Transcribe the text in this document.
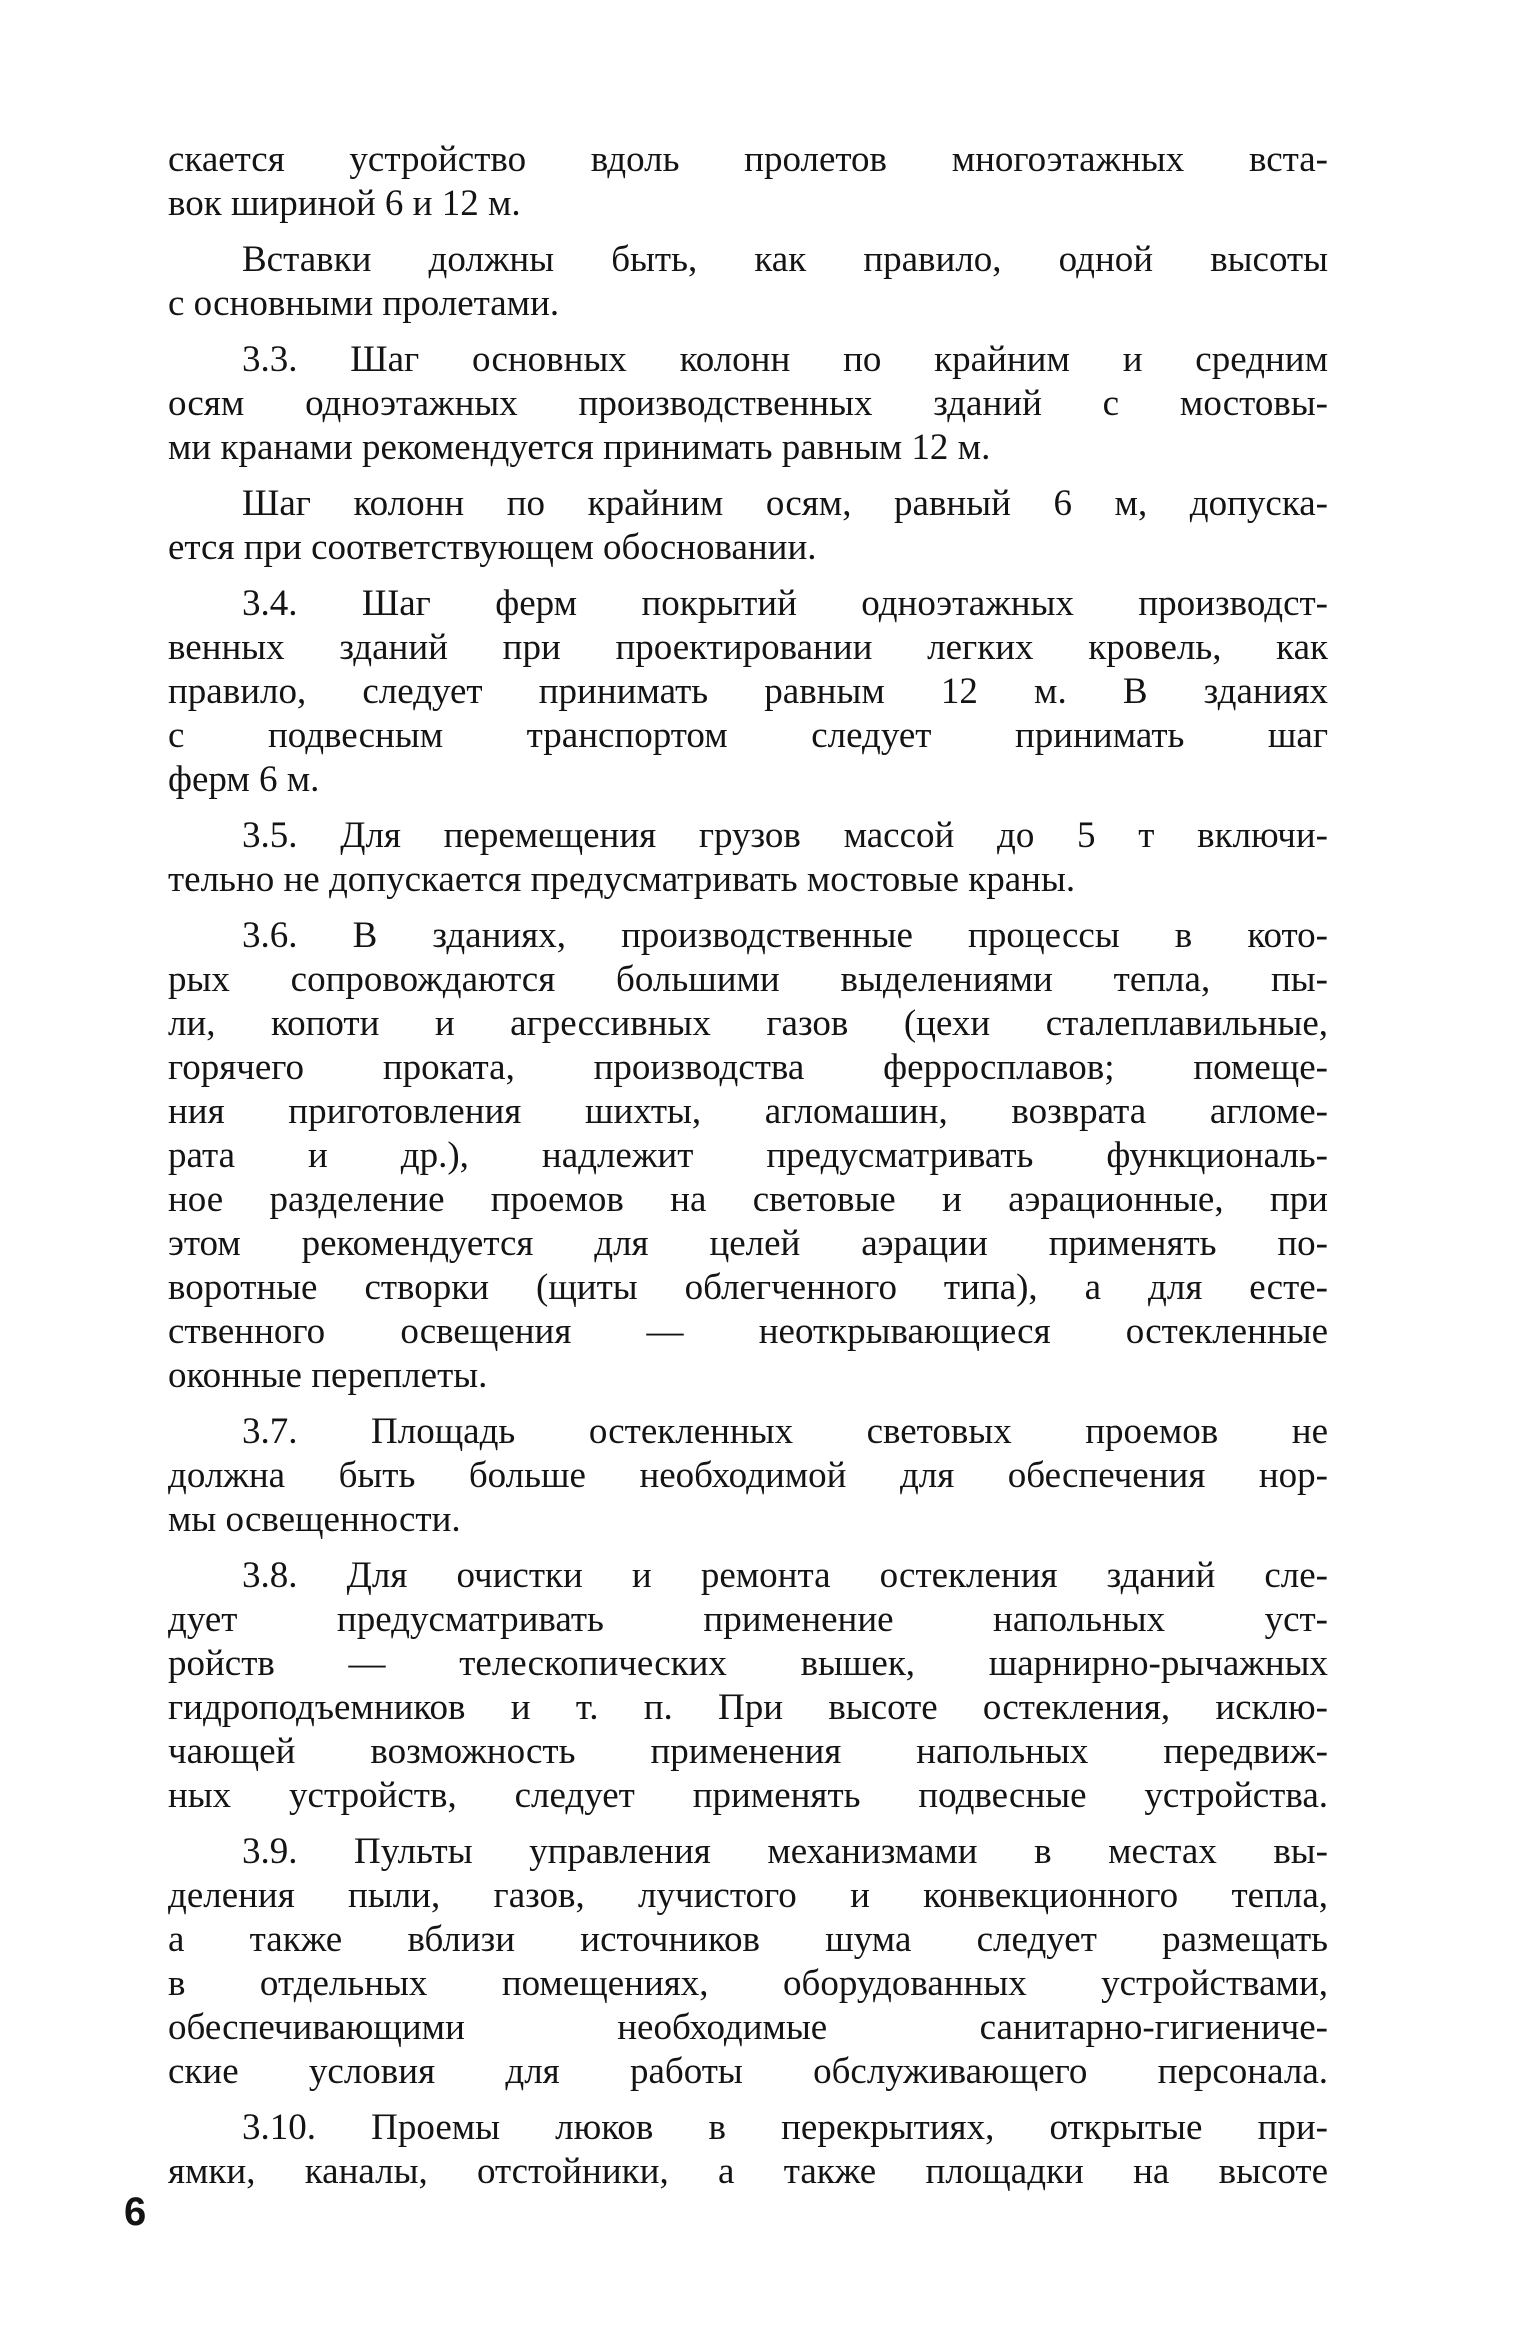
скается устройство вдоль пролетов многоэтажных вста-
вок шириной 6 и 12 м.
Вставки должны быть, как правило, одной высоты
с основными пролетами.
3.3. Шаг основных колонн по крайним и средним
осям одноэтажных производственных зданий с мостовы-
ми кранами рекомендуется принимать равным 12 м.
Шаг колонн по крайним осям, равный 6 м, допуска-
ется при соответствующем обосновании.
3.4. Шаг ферм покрытий одноэтажных производст-
венных зданий при проектировании легких кровель, как
правило, следует принимать равным 12 м. В зданиях
с подвесным транспортом следует принимать шаг
ферм 6 м.
3.5. Для перемещения грузов массой до 5 т включи-
тельно не допускается предусматривать мостовые краны.
3.6. В зданиях, производственные процессы в кото-
рых сопровождаются большими выделениями тепла, пы-
ли, копоти и агрессивных газов (цехи сталеплавильные,
горячего проката, производства ферросплавов; помеще-
ния приготовления шихты, агломашин, возврата агломе-
рата и др.), надлежит предусматривать функциональ-
ное разделение проемов на световые и аэрационные, при
этом рекомендуется для целей аэрации применять по-
воротные створки (щиты облегченного типа), а для есте-
ственного освещения — неоткрывающиеся остекленные
оконные переплеты.
3.7. Площадь остекленных световых проемов не
должна быть больше необходимой для обеспечения нор-
мы освещенности.
3.8. Для очистки и ремонта остекления зданий сле-
дует предусматривать применение напольных уст-
ройств — телескопических вышек, шарнирно-рычажных
гидроподъемников и т. п. При высоте остекления, исклю-
чающей возможность применения напольных передвиж-
ных устройств, следует применять подвесные устройства.
3.9. Пульты управления механизмами в местах вы-
деления пыли, газов, лучистого и конвекционного тепла,
а также вблизи источников шума следует размещать
в отдельных помещениях, оборудованных устройствами,
обеспечивающими необходимые санитарно-гигиениче-
ские условия для работы обслуживающего персонала.
3.10. Проемы люков в перекрытиях, открытые при-
ямки, каналы, отстойники, а также площадки на высоте
6
